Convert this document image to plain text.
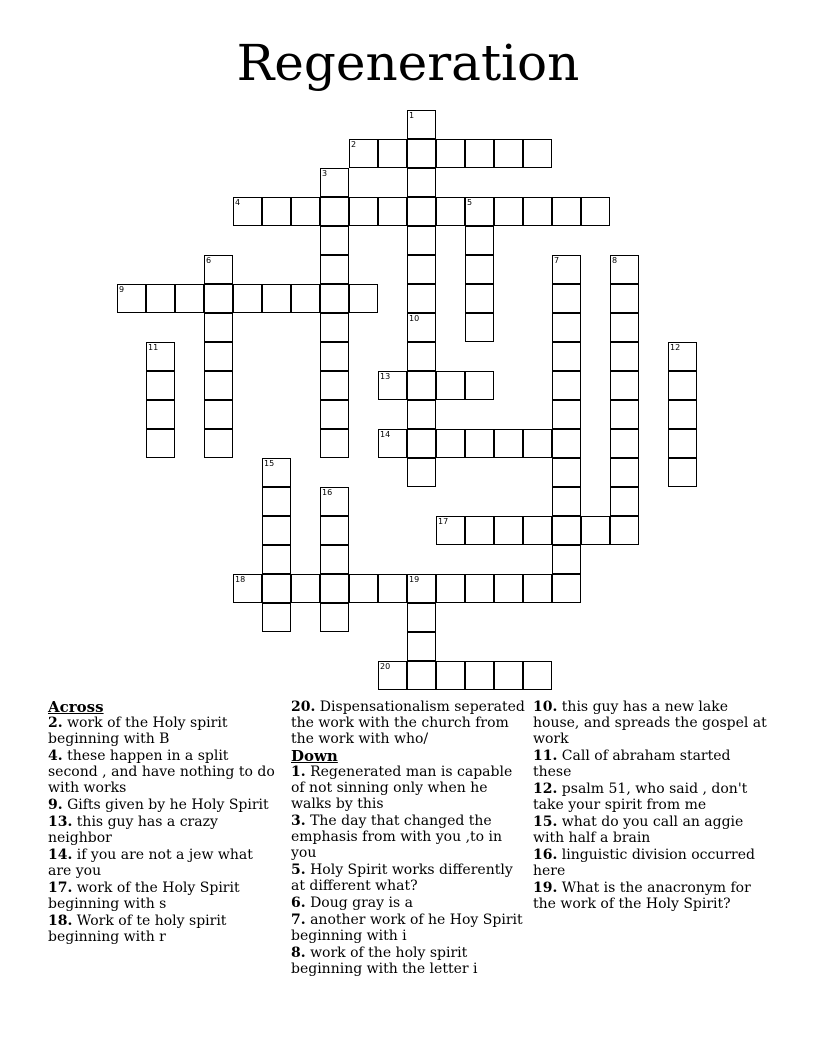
Regeneration
1
2
3
4	5
6	7	8
9
10
11	12
13
14
15
16
17
18	19
20
Across
2. work of the Holy spirit beginning with B
4. these happen in a split second , and have nothing to do with works
9. Gifts given by he Holy Spirit
13. this guy has a crazy neighbor
14. if you are not a jew what are you
17. work of the Holy Spirit beginning with s
18. Work of te holy spirit beginning with r
20. Dispensationalism seperated the work with the church from the work with who/
Down
1. Regenerated man is capable of not sinning only when he walks by this
3. The day that changed the emphasis from with you ,to in you
5. Holy Spirit works differently at different what?
6. Doug gray is a
7. another work of he Hoy Spirit beginning with i
8. work of the holy spirit beginning with the letter i
10. this guy has a new lake house, and spreads the gospel at work
11. Call of abraham started these
12. psalm 51, who said , don't take your spirit from me
15. what do you call an aggie with half a brain
16. linguistic division occurred here
19. What is the anacronym for the work of the Holy Spirit?
